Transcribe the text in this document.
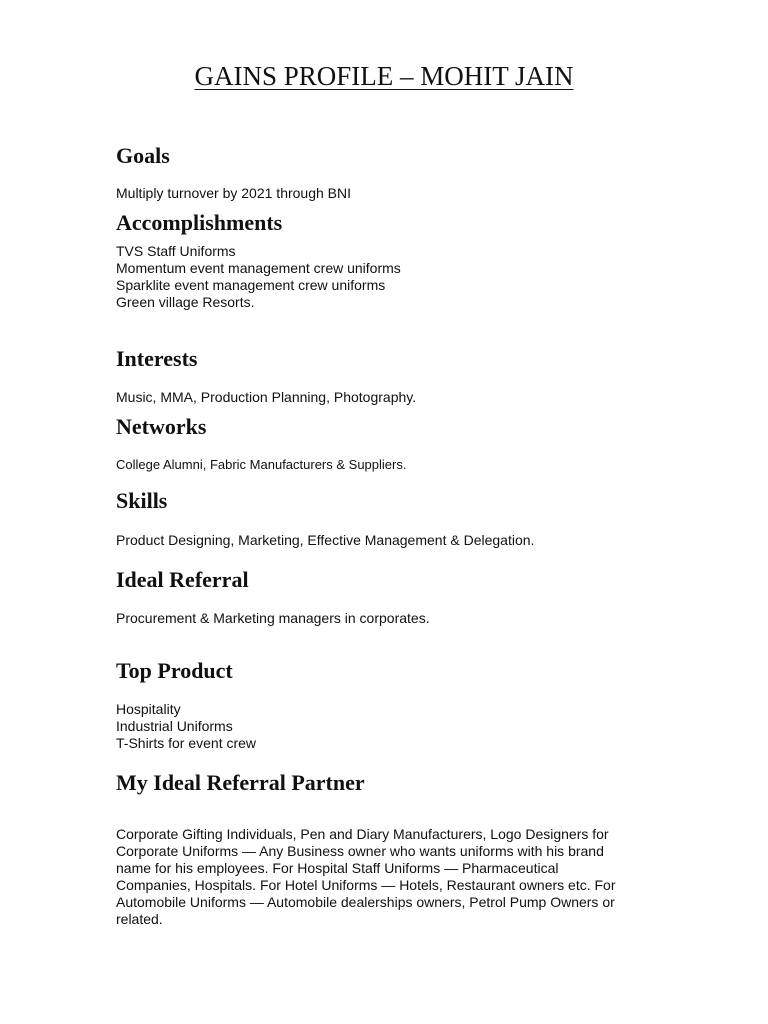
GAINS PROFILE – MOHIT JAIN
Goals

Multiply turnover by 2021 through BNI

Accomplishments
TVS Staff Uniforms
Momentum event management crew uniforms
Sparklite event management crew uniforms
Green village Resorts.
Interests

Music, MMA, Production Planning, Photography.

Networks

College Alumni, Fabric Manufacturers & Suppliers.

Skills

Product Designing, Marketing, Effective Management & Delegation.

Ideal Referral

Procurement & Marketing managers in corporates.

Top Product
Hospitality
Industrial Uniforms
T-Shirts for event crew
My Ideal Referral Partner
Corporate Gifting Individuals, Pen and Diary Manufacturers, Logo Designers for
Corporate Uniforms — Any Business owner who wants uniforms with his brand
name for his employees. For Hospital Staff Uniforms — Pharmaceutical
Companies, Hospitals. For Hotel Uniforms — Hotels, Restaurant owners etc. For
Automobile Uniforms — Automobile dealerships owners, Petrol Pump Owners or
related.
